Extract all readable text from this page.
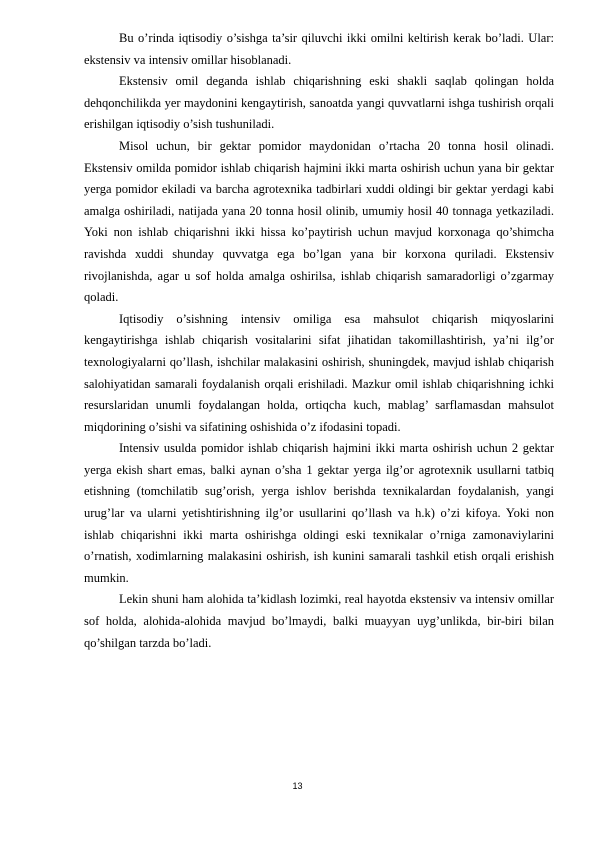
Bu o’rinda iqtisodiy o’sishga ta’sir qiluvchi ikki omilni keltirish kerak bo’ladi. Ular: ekstensiv va intensiv omillar hisoblanadi.

Ekstensiv omil deganda ishlab chiqarishning eski shakli saqlab qolingan holda dehqonchilikda yer maydonini kengaytirish, sanoatda yangi quvvatlarni ishga tushirish orqali erishilgan iqtisodiy o’sish tushuniladi.

Misol uchun, bir gektar pomidor maydonidan o’rtacha 20 tonna hosil olinadi. Ekstensiv omilda pomidor ishlab chiqarish hajmini ikki marta oshirish uchun yana bir gektar yerga pomidor ekiladi va barcha agrotexnika tadbirlari xuddi oldingi bir gektar yerdagi kabi amalga oshiriladi, natijada yana 20 tonna hosil olinib, umumiy hosil 40 tonnaga yetkaziladi. Yoki non ishlab chiqarishni ikki hissa ko’paytirish uchun mavjud korxonaga qo’shimcha ravishda xuddi shunday quvvatga ega bo’lgan yana bir korxona quriladi. Ekstensiv rivojlanishda, agar u sof holda amalga oshirilsa, ishlab chiqarish samaradorligi o’zgarmay qoladi.

Iqtisodiy o’sishning intensiv omiliga esa mahsulot chiqarish miqyoslarini kengaytirishga ishlab chiqarish vositalarini sifat jihatidan takomillashtirish, ya’ni ilg’or texnologiyalarni qo’llash, ishchilar malakasini oshirish, shuningdek, mavjud ishlab chiqarish salohiyatidan samarali foydalanish orqali erishiladi. Mazkur omil ishlab chiqarishning ichki resurslaridan unumli foydalangan holda, ortiqcha kuch, mablag’ sarflamasdan mahsulot miqdorining o’sishi va sifatining oshishida o’z ifodasini topadi.

Intensiv usulda pomidor ishlab chiqarish hajmini ikki marta oshirish uchun 2 gektar yerga ekish shart emas, balki aynan o’sha 1 gektar yerga ilg’or agrotexnik usullarni tatbiq etishning (tomchilatib sug’orish, yerga ishlov berishda texnikalardan foydalanish, yangi urug’lar va ularni yetishtirishning ilg’or usullarini qo’llash va h.k) o’zi kifoya. Yoki non ishlab chiqarishni ikki marta oshirishga oldingi eski texnikalar o’rniga zamonaviylarini o’rnatish, xodimlarning malakasini oshirish, ish kunini samarali tashkil etish orqali erishish mumkin.

Lekin shuni ham alohida ta’kidlash lozimki, real hayotda ekstensiv va intensiv omillar sof holda, alohida-alohida mavjud bo’lmaydi, balki muayyan uyg’unlikda, bir-biri bilan qo’shilgan tarzda bo’ladi.

13
